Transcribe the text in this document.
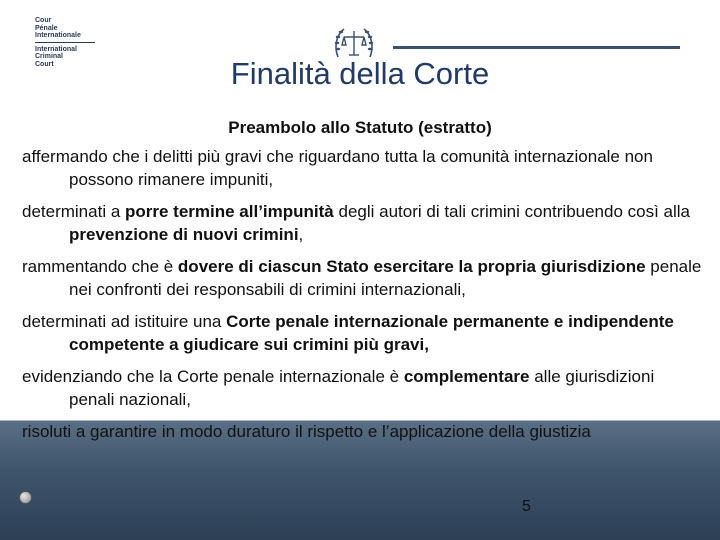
Cour
Pénale
Internationale
International
Criminal
Court	Finalità della Corte
Preambolo allo Statuto (estratto)

affermando che i delitti più gravi che riguardano tutta la comunità internazionale non possono rimanere impuniti,

determinati a porre termine all’impunità degli autori di tali crimini contribuendo così alla prevenzione di nuovi crimini,

rammentando che è dovere di ciascun Stato esercitare la propria giurisdizione penale nei confronti dei responsabili di crimini internazionali,

determinati ad istituire una Corte penale internazionale permanente e indipendente competente a giudicare sui crimini più gravi,

evidenziando che la Corte penale internazionale è complementare alle giurisdizioni penali nazionali,

risoluti a garantire in modo duraturo il rispetto e l’applicazione della giustizia

5
